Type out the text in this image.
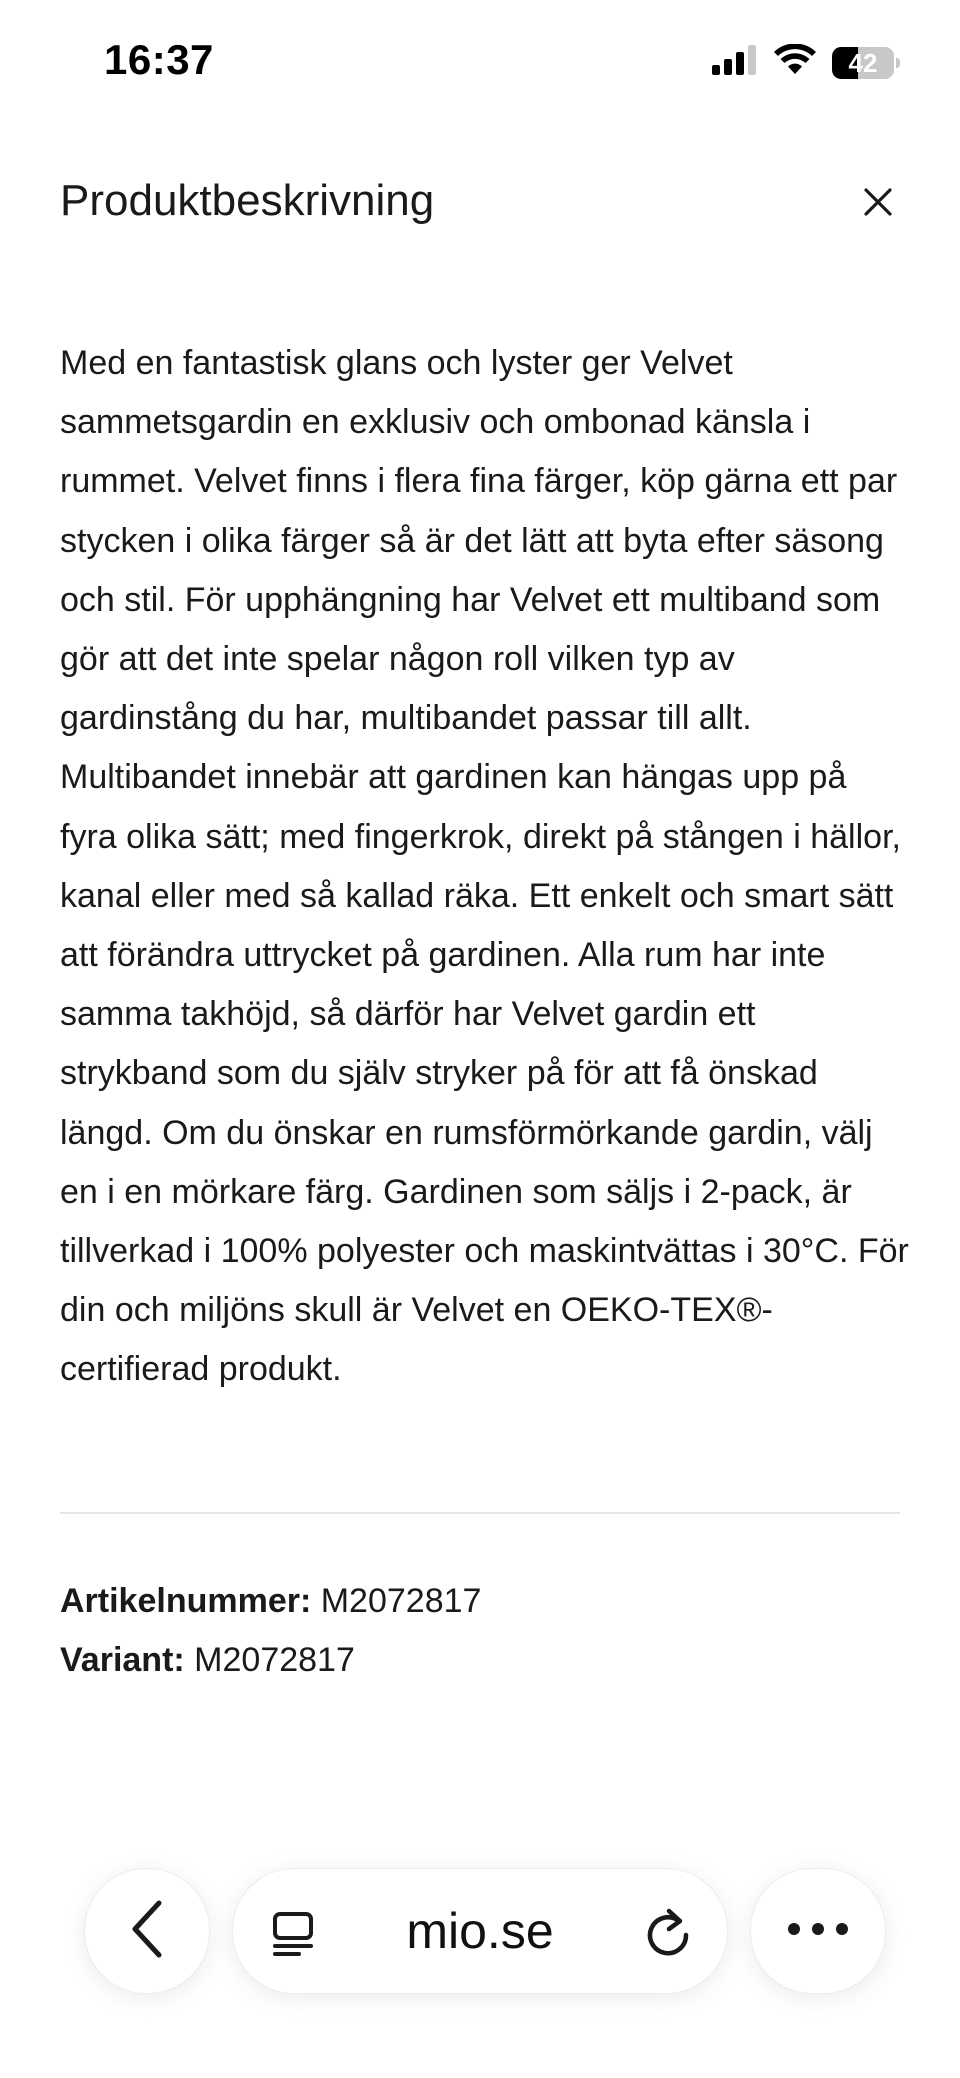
16:37	42
Produktbeskrivning

Med en fantastisk glans och lyster ger Velvet sammetsgardin en exklusiv och ombonad känsla i rummet. Velvet finns i flera fina färger, köp gärna ett par stycken i olika färger så är det lätt att byta efter säsong och stil. För upphängning har Velvet ett multiband som gör att det inte spelar någon roll vilken typ av gardinstång du har, multibandet passar till allt. Multibandet innebär att gardinen kan hängas upp på fyra olika sätt; med fingerkrok, direkt på stången i hällor, kanal eller med så kallad räka. Ett enkelt och smart sätt att förändra uttrycket på gardinen. Alla rum har inte samma takhöjd, så därför har Velvet gardin ett strykband som du själv stryker på för att få önskad längd. Om du önskar en rumsförmörkande gardin, välj en i en mörkare färg. Gardinen som säljs i 2-pack, är tillverkad i 100% polyester och maskintvättas i 30°C. För din och miljöns skull är Velvet en OEKO-TEX®-certifierad produkt.

Artikelnummer: M2072817
Variant: M2072817
mio.se
